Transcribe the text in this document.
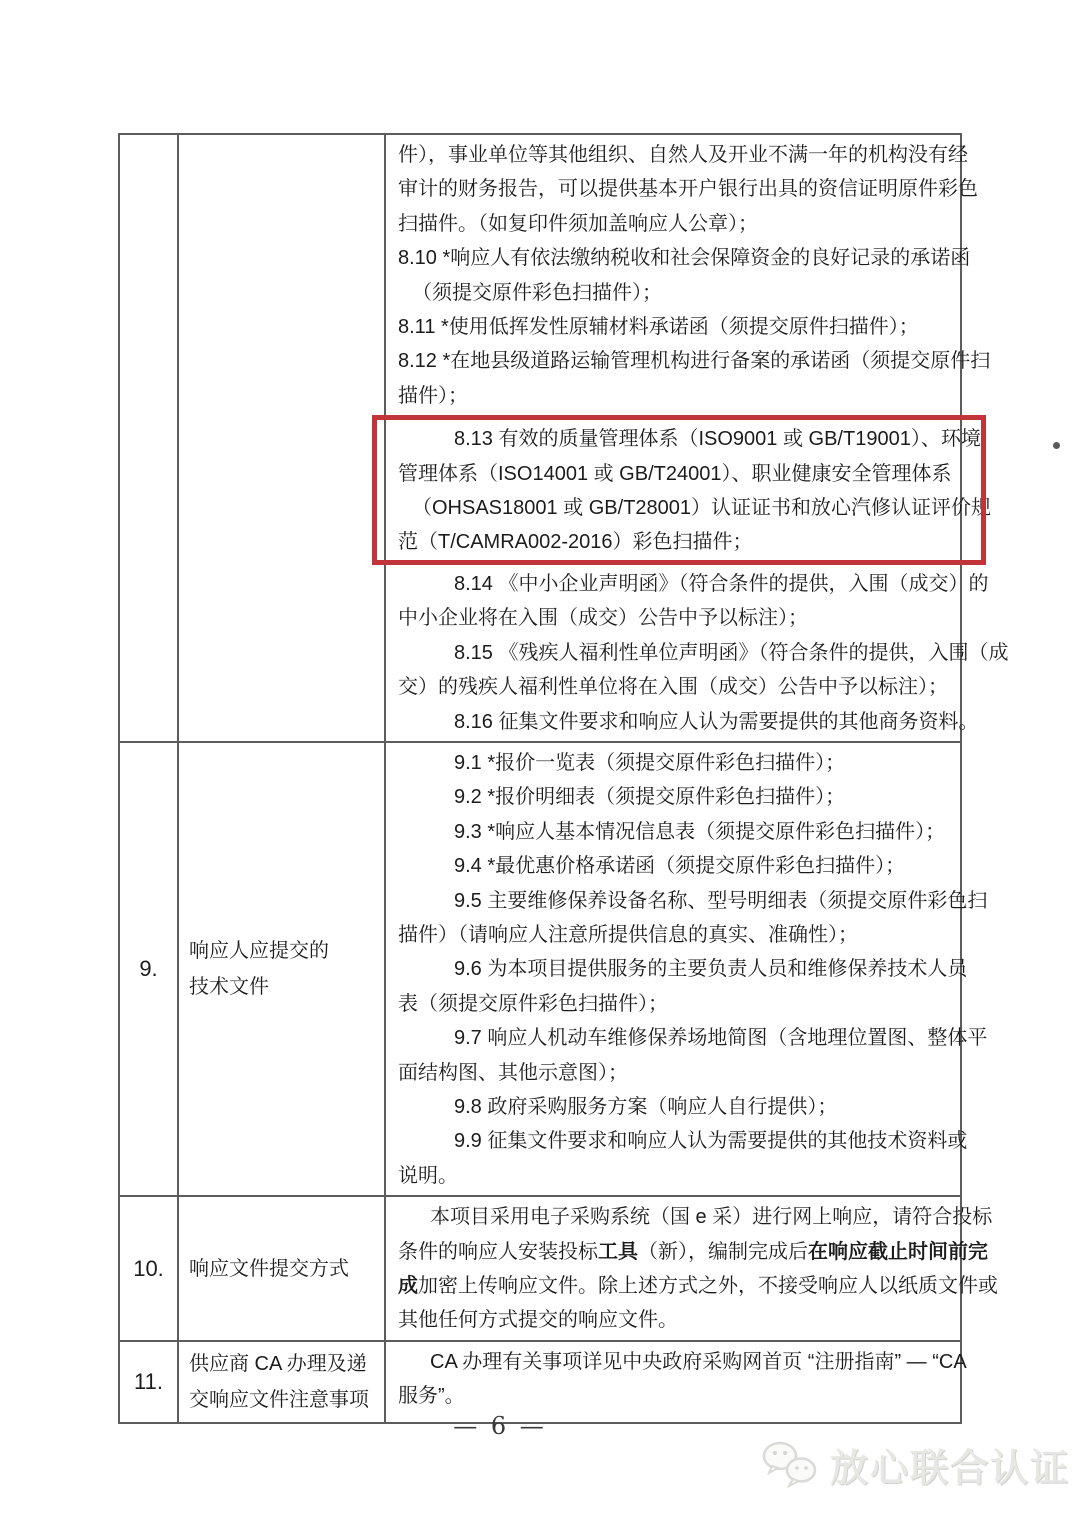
件），事业单位等其他组织、自然人及开业不满一年的机构没有经
审计的财务报告，可以提供基本开户银行出具的资信证明原件彩色
扫描件。（如复印件须加盖响应人公章）；
8.10 *响应人有依法缴纳税收和社会保障资金的良好记录的承诺函
（须提交原件彩色扫描件）；
8.11 *使用低挥发性原辅材料承诺函（须提交原件扫描件）；
8.12 *在地县级道路运输管理机构进行备案的承诺函（须提交原件扫
描件）；
8.13 有效的质量管理体系（ISO9001 或 GB/T19001）、环境
管理体系（ISO14001 或 GB/T24001）、职业健康安全管理体系
（OHSAS18001 或 GB/T28001）认证证书和放心汽修认证评价规
范（T/CAMRA002-2016）彩色扫描件；
8.14 《中小企业声明函》（符合条件的提供，入围（成交）的
中小企业将在入围（成交）公告中予以标注）；
8.15 《残疾人福利性单位声明函》（符合条件的提供，入围（成
交）的残疾人福利性单位将在入围（成交）公告中予以标注）；
8.16 征集文件要求和响应人认为需要提供的其他商务资料。
9.
响应人应提交的
技术文件
9.1 *报价一览表（须提交原件彩色扫描件）；
9.2 *报价明细表（须提交原件彩色扫描件）；
9.3 *响应人基本情况信息表（须提交原件彩色扫描件）；
9.4 *最优惠价格承诺函（须提交原件彩色扫描件）；
9.5 主要维修保养设备名称、型号明细表（须提交原件彩色扫
描件）（请响应人注意所提供信息的真实、准确性）；
9.6 为本项目提供服务的主要负责人员和维修保养技术人员
表（须提交原件彩色扫描件）；
9.7 响应人机动车维修保养场地简图（含地理位置图、整体平
面结构图、其他示意图）；
9.8 政府采购服务方案（响应人自行提供）；
9.9 征集文件要求和响应人认为需要提供的其他技术资料或
说明。
10.	响应文件提交方式
本项目采用电子采购系统（国 e 采）进行网上响应，请符合投标
条件的响应人安装投标工具（新），编制完成后在响应截止时间前完
成加密上传响应文件。除上述方式之外，不接受响应人以纸质文件或
其他任何方式提交的响应文件。
11.
供应商 CA 办理及递
交响应文件注意事项
CA 办理有关事项详见中央政府采购网首页 “注册指南” — “CA
服务”。
— 6 —
放心联合认证
